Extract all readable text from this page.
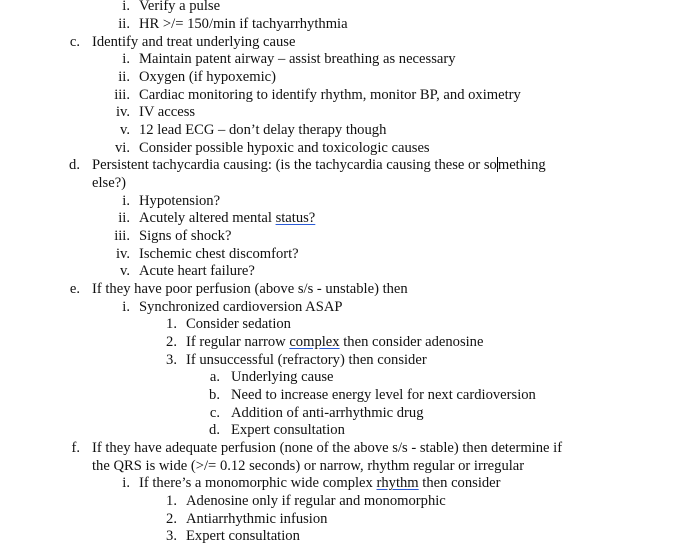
i. Verify a pulse
ii. HR >/= 150/min if tachyarrhythmia
c. Identify and treat underlying cause
i. Maintain patent airway – assist breathing as necessary
ii. Oxygen (if hypoxemic)
iii. Cardiac monitoring to identify rhythm, monitor BP, and oximetry
iv. IV access
v. 12 lead ECG – don’t delay therapy though
vi. Consider possible hypoxic and toxicologic causes
d. Persistent tachycardia causing: (is the tachycardia causing these or something
else?)
i. Hypotension?
ii. Acutely altered mental status?
iii. Signs of shock?
iv. Ischemic chest discomfort?
v. Acute heart failure?
e. If they have poor perfusion (above s/s - unstable) then
i. Synchronized cardioversion ASAP
1. Consider sedation
2. If regular narrow complex then consider adenosine
3. If unsuccessful (refractory) then consider
a. Underlying cause
b. Need to increase energy level for next cardioversion
c. Addition of anti-arrhythmic drug
d. Expert consultation
f. If they have adequate perfusion (none of the above s/s - stable) then determine if
the QRS is wide (>/= 0.12 seconds) or narrow, rhythm regular or irregular
i. If there’s a monomorphic wide complex rhythm then consider
1. Adenosine only if regular and monomorphic
2. Antiarrhythmic infusion
3. Expert consultation
